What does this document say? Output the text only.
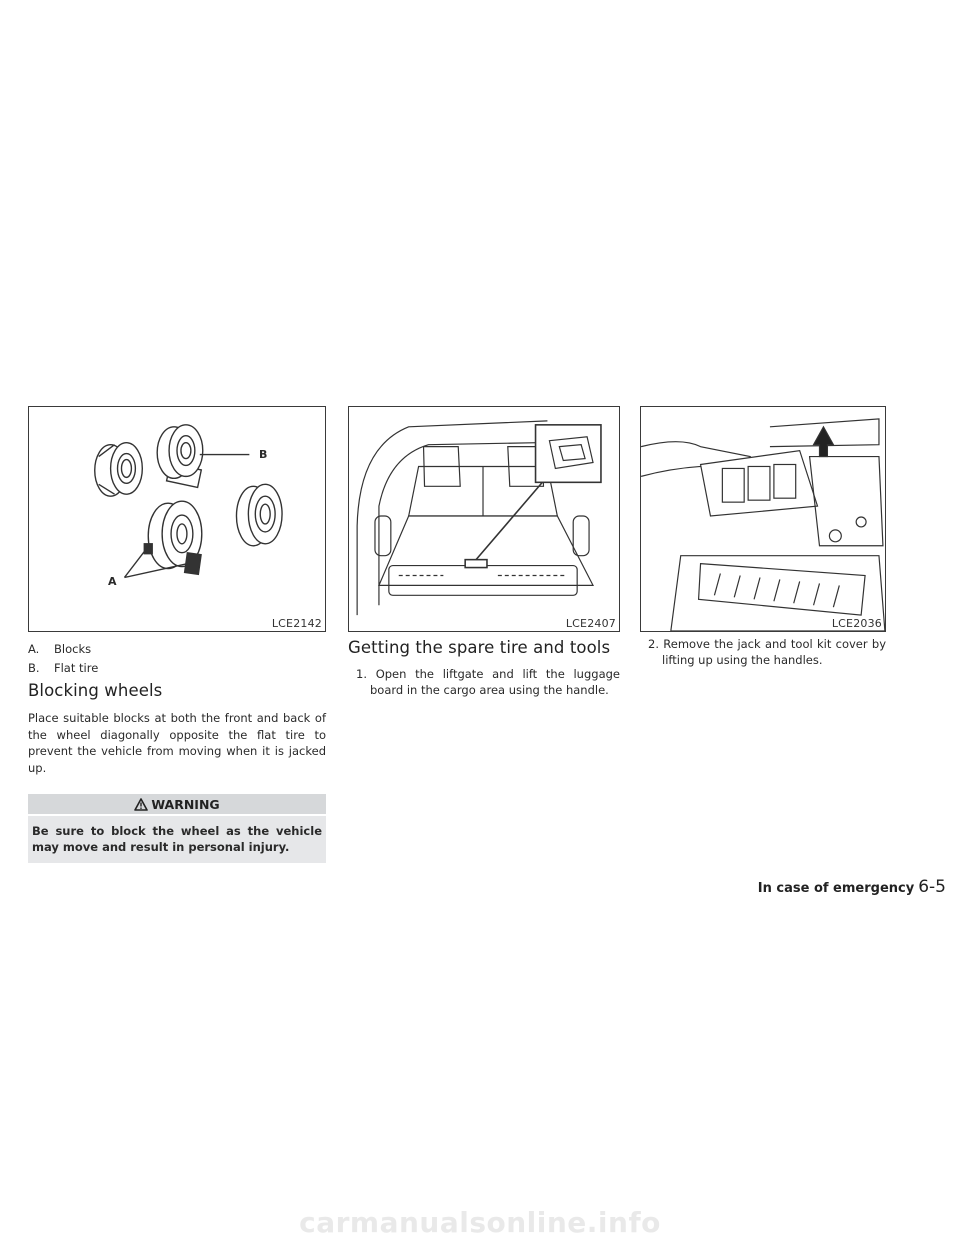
B
A
LCE2142
A.	Blocks
B.	Flat tire
Blocking wheels

Place suitable blocks at both the front and back of the wheel diagonally opposite the flat tire to prevent the vehicle from moving when it is jacked up.

WARNING
Be sure to block the wheel as the vehicle may move and result in personal injury.
LCE2407
Getting the spare tire and tools
1. Open the liftgate and lift the luggage board in the cargo area using the handle.
LCE2036
2. Remove the jack and tool kit cover by lifting up using the handles.
In case of emergency 6-5
carmanualsonline.info
